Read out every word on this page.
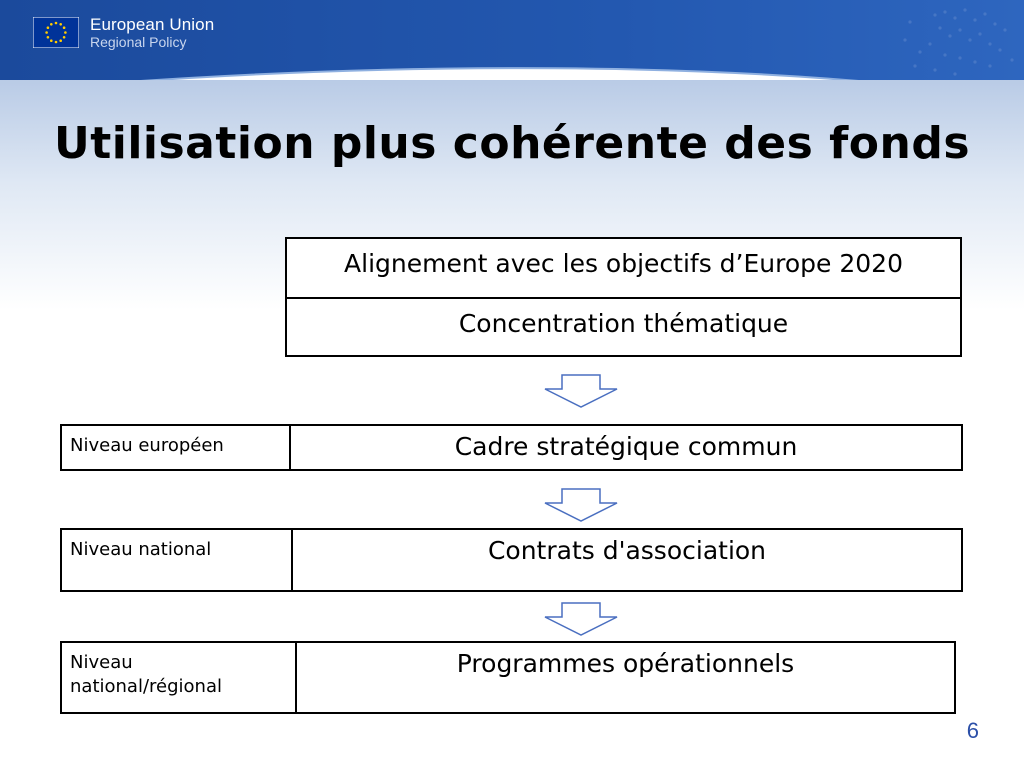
European Union
Regional Policy
Utilisation plus cohérente des fonds
Alignement avec les objectifs d’Europe 2020
Concentration thématique
Niveau européen	Cadre stratégique commun
Niveau national	Contrats d'association
Niveau national/régional
Programmes opérationnels
6
